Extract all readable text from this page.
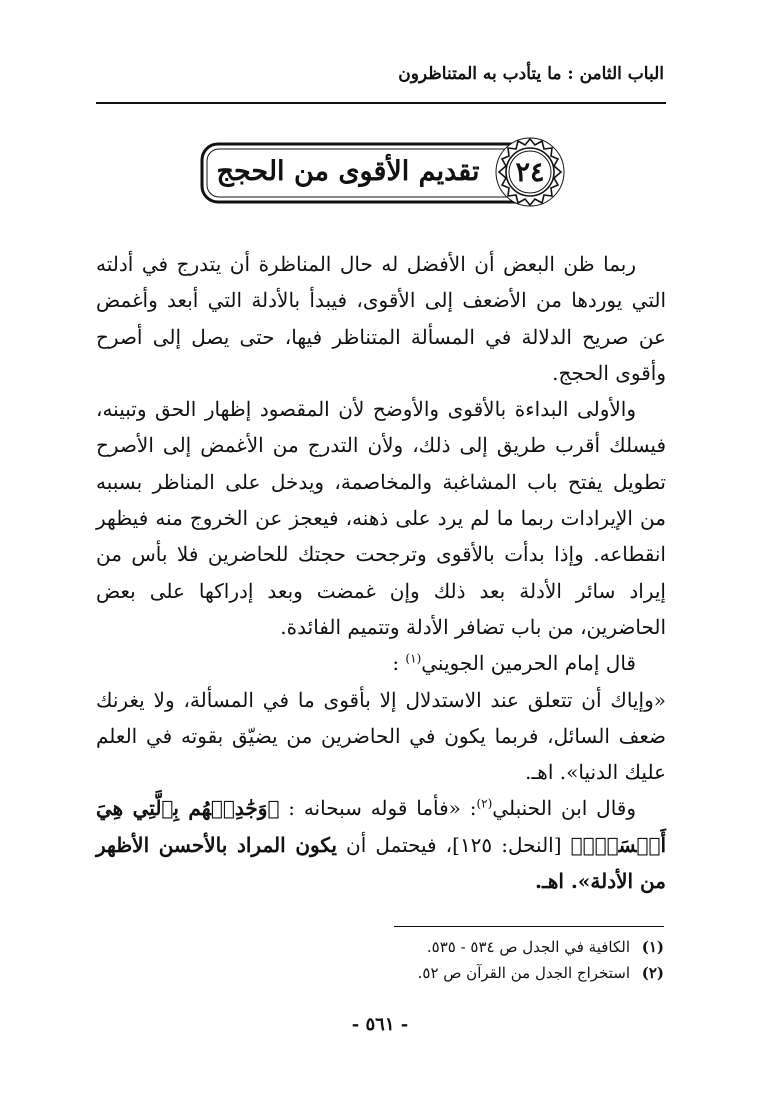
الباب الثامن : ما يتأدب به المتناظرون
٢٤
تقديم الأقوى من الحجج

ربما ظن البعض أن الأفضل له حال المناظرة أن يتدرج في أدلته التي يوردها من الأضعف إلى الأقوى، فيبدأ بالأدلة التي أبعد وأغمض عن صريح الدلالة في المسألة المتناظر فيها، حتى يصل إلى أصرح وأقوى الحجج.

والأولى البداءة بالأقوى والأوضح لأن المقصود إظهار الحق وتبينه، فيسلك أقرب طريق إلى ذلك، ولأن التدرج من الأغمض إلى الأصرح تطويل يفتح باب المشاغبة والمخاصمة، ويدخل على المناظر بسببه من الإيرادات ربما ما لم يرد على ذهنه، فيعجز عن الخروج منه فيظهر انقطاعه. وإذا بدأت بالأقوى وترجحت حجتك للحاضرين فلا بأس من إيراد سائر الأدلة بعد ذلك وإن غمضت وبعد إدراكها على بعض الحاضرين، من باب تضافر الأدلة وتتميم الفائدة.

قال إمام الحرمين الجويني$^{(١)}$ :

«وإياك أن تتعلق عند الاستدلال إلا بأقوى ما في المسألة، ولا يغرنك ضعف السائل، فربما يكون في الحاضرين من يضيّق بقوته في العلم عليك الدنيا». اهـ.

وقال ابن الحنبلي$^{(٢)}$: «فأما قوله سبحانه : ﴿وَجَٰدِلۡهُم بِٱلَّتِي هِيَ أَحۡسَنُۚ﴾ [النحل: ١٢٥]، فيحتمل أن يكون المراد بالأحسن الأظهر من الأدلة». اهـ.

(١)الكافية في الجدل ص ٥٣٤ - ٥٣٥.
(٢)استخراج الجدل من القرآن ص ٥٢.
- ٥٦١ -
